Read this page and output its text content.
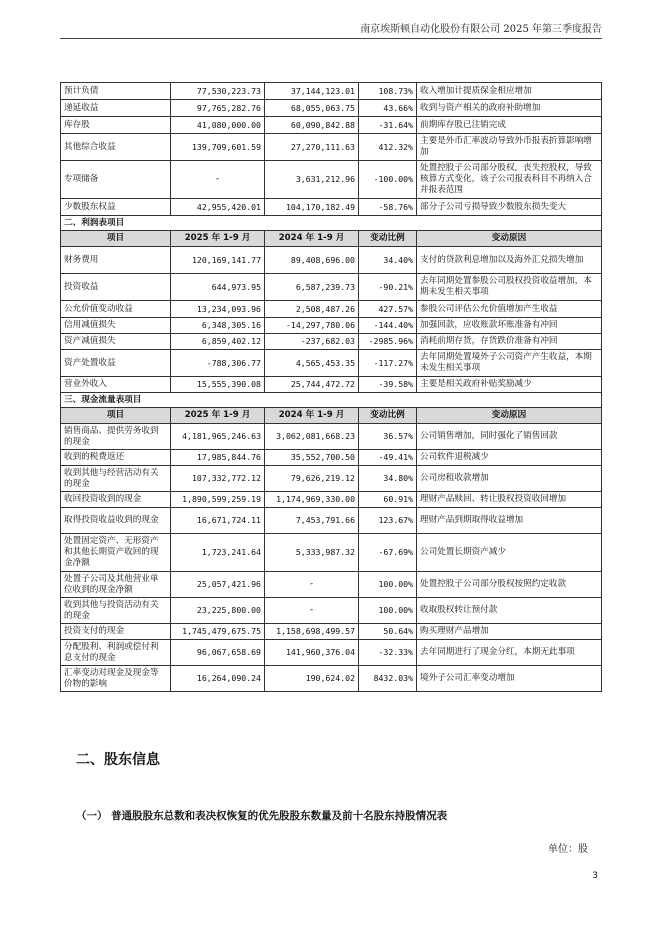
南京埃斯顿自动化股份有限公司 2025 年第三季度报告
预计负债	77,530,223.73	37,144,123.01	108.73%	收入增加计提质保金相应增加
递延收益	97,765,282.76	68,055,063.75	43.66%	收到与资产相关的政府补助增加
库存股	41,080,000.00	60,090,842.88	-31.64%	前期库存股已注销完成
其他综合收益	139,709,601.59	27,270,111.63	412.32%	主要是外币汇率波动导致外币报表折算影响增加
专项储备	-	3,631,212.96	-100.00%	处置控股子公司部分股权，丧失控股权，导致核算方式变化，该子公司报表科目不再纳入合并报表范围
少数股东权益	42,955,420.01	104,170,182.49	-58.76%	部分子公司亏损导致少数股东损失变大
二、利润表项目				
项目	2025 年 1-9 月	2024 年 1-9 月	变动比例	变动原因
财务费用	120,169,141.77	89,408,696.00	34.40%	支付的贷款利息增加以及海外汇兑损失增加
投资收益	644,973.95	6,587,239.73	-90.21%	去年同期处置参股公司股权投资收益增加，本期未发生相关事项
公允价值变动收益	13,234,093.96	2,508,487.26	427.57%	参股公司评估公允价值增加产生收益
信用减值损失	6,348,305.16	-14,297,780.06	-144.40%	加强回款，应收账款坏账准备有冲回
资产减值损失	6,859,402.12	-237,682.03	-2985.96%	消耗前期存货，存货跌价准备有冲回
资产处置收益	-788,306.77	4,565,453.35	-117.27%	去年同期处置境外子公司资产产生收益，本期未发生相关事项
营业外收入	15,555,390.08	25,744,472.72	-39.58%	主要是相关政府补贴奖励减少
三、现金流量表项目				
项目	2025 年 1-9 月	2024 年 1-9 月	变动比例	变动原因
销售商品、提供劳务收到的现金	4,181,965,246.63	3,062,081,668.23	36.57%	公司销售增加，同时强化了销售回款
收到的税费返还	17,985,844.76	35,552,700.50	-49.41%	公司软件退税减少
收到其他与经营活动有关的现金	107,332,772.12	79,626,219.12	34.80%	公司房租收款增加
收回投资收到的现金	1,890,599,259.19	1,174,969,330.00	60.91%	理财产品赎回、转让股权投资收回增加
取得投资收益收到的现金	16,671,724.11	7,453,791.66	123.67%	理财产品到期取得收益增加
处置固定资产、无形资产和其他长期资产收回的现金净额	1,723,241.64	5,333,987.32	-67.69%	公司处置长期资产减少
处置子公司及其他营业单位收到的现金净额	25,057,421.96	-	100.00%	处置控股子公司部分股权按照约定收款
收到其他与投资活动有关的现金	23,225,800.00	-	100.00%	收取股权转让预付款
投资支付的现金	1,745,479,675.75	1,158,698,499.57	50.64%	购买理财产品增加
分配股利、利润或偿付利息支付的现金	96,067,658.69	141,960,376.04	-32.33%	去年同期进行了现金分红，本期无此事项
汇率变动对现金及现金等价物的影响	16,264,090.24	190,624.02	8432.03%	境外子公司汇率变动增加
二、股东信息
（一） 普通股股东总数和表决权恢复的优先股股东数量及前十名股东持股情况表
单位：股
3
